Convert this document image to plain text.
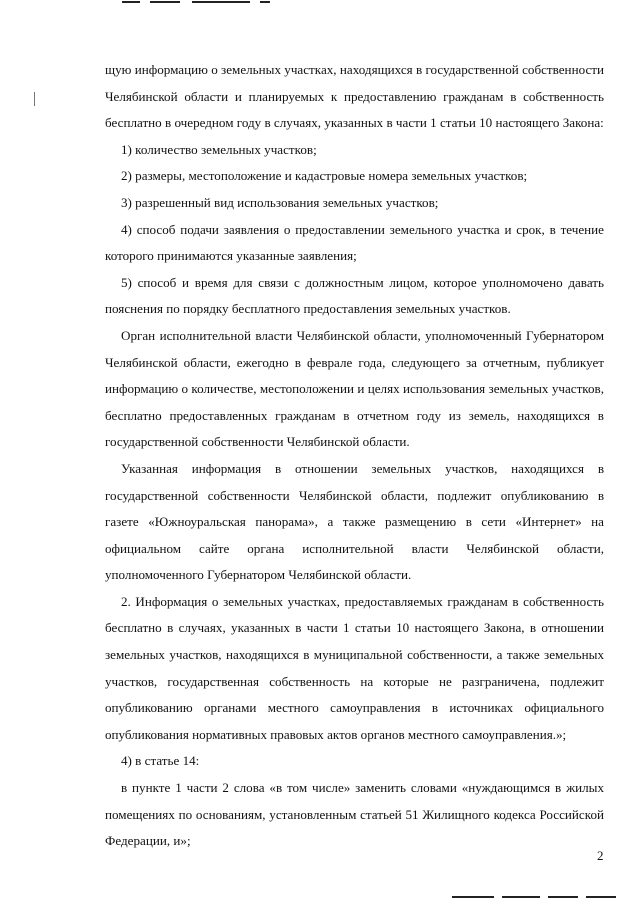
щую информацию о земельных участках, находящихся в государственной собственности Челябинской области и планируемых к предоставлению гражданам в собственность бесплатно в очередном году в случаях, указанных в части 1 статьи 10 настоящего Закона:

1) количество земельных участков;

2) размеры, местоположение и кадастровые номера земельных участков;

3) разрешенный вид использования земельных участков;

4) способ подачи заявления о предоставлении земельного участка и срок, в течение которого принимаются указанные заявления;

5) способ и время для связи с должностным лицом, которое уполномочено давать пояснения по порядку бесплатного предоставления земельных участков.

Орган исполнительной власти Челябинской области, уполномоченный Губернатором Челябинской области, ежегодно в феврале года, следующего за отчетным, публикует информацию о количестве, местоположении и целях использования земельных участков, бесплатно предоставленных гражданам в отчетном году из земель, находящихся в государственной собственности Челябинской области.

Указанная информация в отношении земельных участков, находящихся в государственной собственности Челябинской области, подлежит опубликованию в газете «Южноуральская панорама», а также размещению в сети «Интернет» на официальном сайте органа исполнительной власти Челябинской области, уполномоченного Губернатором Челябинской области.

2. Информация о земельных участках, предоставляемых гражданам в собственность бесплатно в случаях, указанных в части 1 статьи 10 настоящего Закона, в отношении земельных участков, находящихся в муниципальной собственности, а также земельных участков, государственная собственность на которые не разграничена, подлежит опубликованию органами местного самоуправления в источниках официального опубликования нормативных правовых актов органов местного самоуправления.»;

4) в статье 14:

в пункте 1 части 2 слова «в том числе» заменить словами «нуждающимся в жилых помещениях по основаниям, установленным статьей 51 Жилищного кодекса Российской Федерации, и»;

2
